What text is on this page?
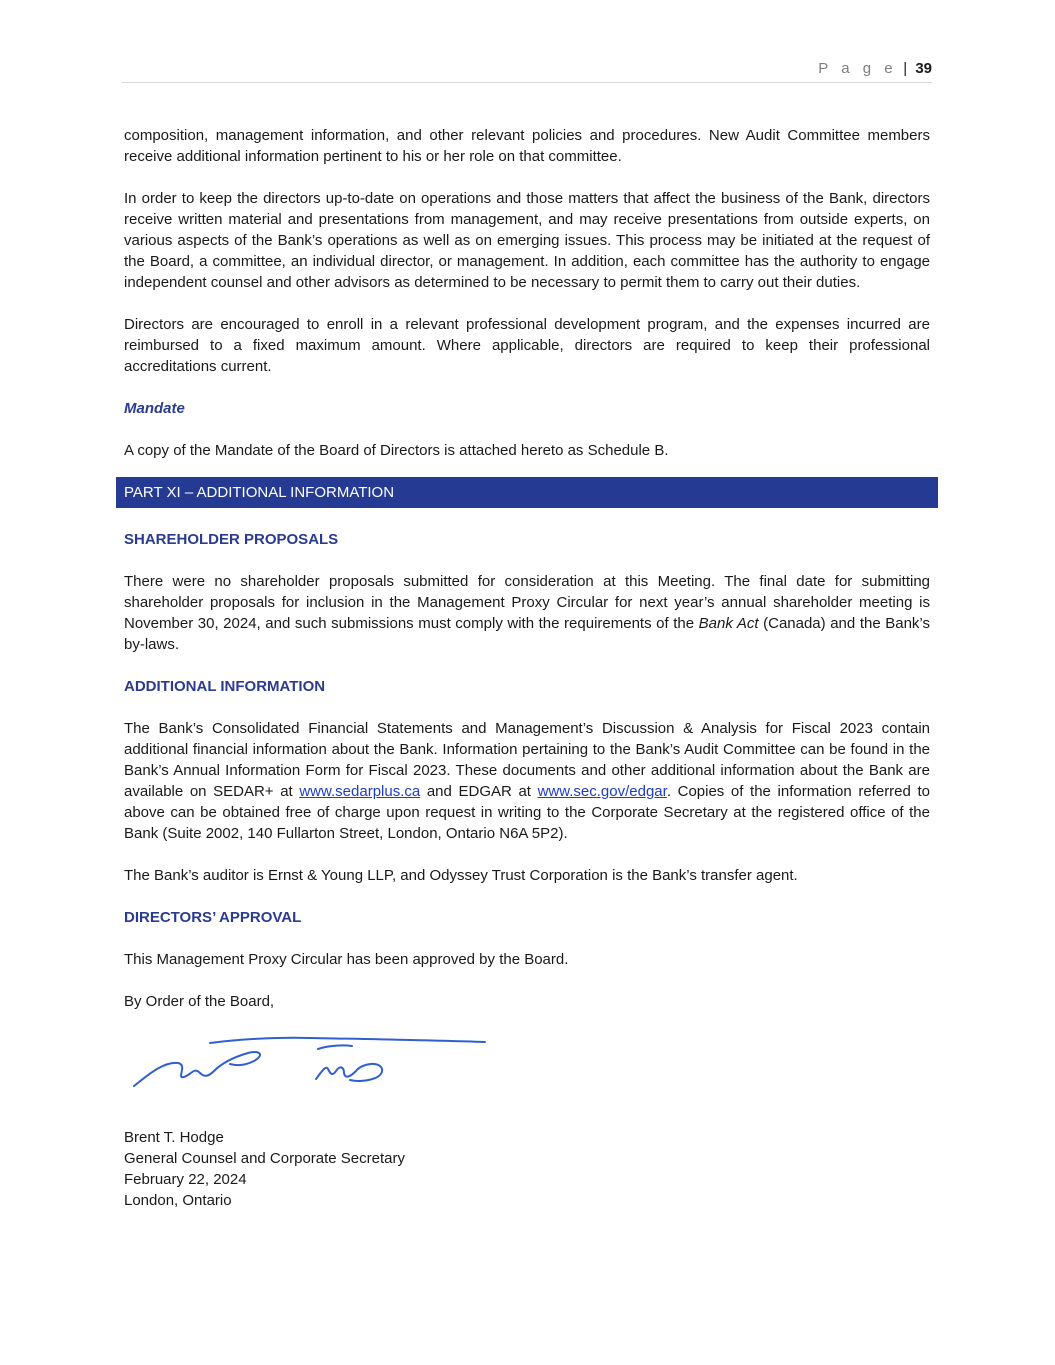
P a g e | 39

composition, management information, and other relevant policies and procedures. New Audit Committee members receive additional information pertinent to his or her role on that committee.

In order to keep the directors up-to-date on operations and those matters that affect the business of the Bank, directors receive written material and presentations from management, and may receive presentations from outside experts, on various aspects of the Bank’s operations as well as on emerging issues. This process may be initiated at the request of the Board, a committee, an individual director, or management. In addition, each committee has the authority to engage independent counsel and other advisors as determined to be necessary to permit them to carry out their duties.

Directors are encouraged to enroll in a relevant professional development program, and the expenses incurred are reimbursed to a fixed maximum amount. Where applicable, directors are required to keep their professional accreditations current.

Mandate

A copy of the Mandate of the Board of Directors is attached hereto as Schedule B.

PART XI – ADDITIONAL INFORMATION
SHAREHOLDER PROPOSALS

There were no shareholder proposals submitted for consideration at this Meeting. The final date for submitting shareholder proposals for inclusion in the Management Proxy Circular for next year’s annual shareholder meeting is November 30, 2024, and such submissions must comply with the requirements of the Bank Act (Canada) and the Bank’s by-laws.

ADDITIONAL INFORMATION

The Bank’s Consolidated Financial Statements and Management’s Discussion & Analysis for Fiscal 2023 contain additional financial information about the Bank. Information pertaining to the Bank’s Audit Committee can be found in the Bank’s Annual Information Form for Fiscal 2023. These documents and other additional information about the Bank are available on SEDAR+ at www.sedarplus.ca and EDGAR at www.sec.gov/edgar. Copies of the information referred to above can be obtained free of charge upon request in writing to the Corporate Secretary at the registered office of the Bank (Suite 2002, 140 Fullarton Street, London, Ontario N6A 5P2).

The Bank’s auditor is Ernst & Young LLP, and Odyssey Trust Corporation is the Bank’s transfer agent.

DIRECTORS’ APPROVAL

This Management Proxy Circular has been approved by the Board.

By Order of the Board,

Brent T. Hodge

General Counsel and Corporate Secretary

February 22, 2024

London, Ontario
